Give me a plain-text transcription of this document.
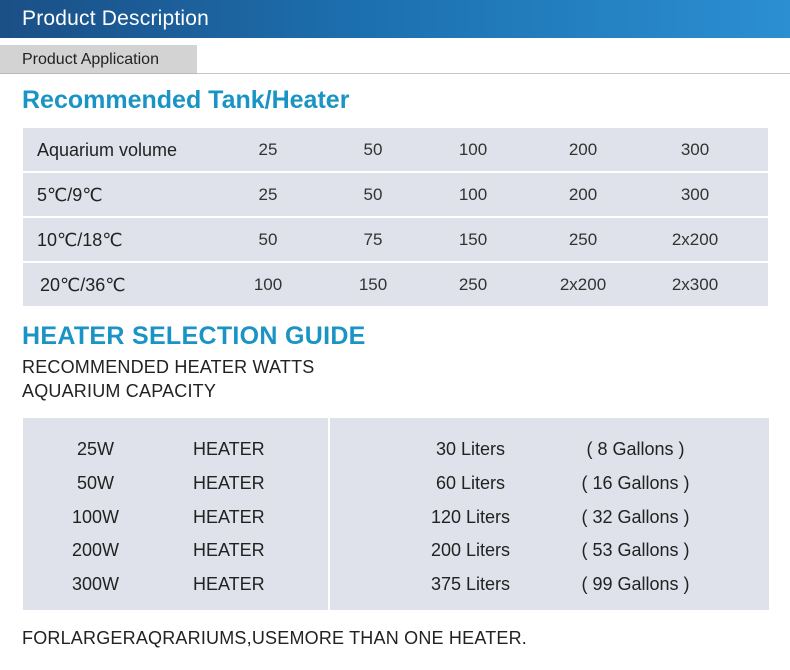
Product Description
Product Application
Recommended Tank/Heater
Aquarium volume	25	50	100	200	300
5℃/9℃	25	50	100	200	300
10℃/18℃	50	75	150	250	2x200
20℃/36℃	100	150	250	2x200	2x300
HEATER SELECTION GUIDE
RECOMMENDED HEATER WATTS
AQUARIUM CAPACITY
25W	HEATER	30 Liters	( 8 Gallons )
50W	HEATER	60 Liters	( 16 Gallons )
100W	HEATER	120 Liters	( 32 Gallons )
200W	HEATER	200 Liters	( 53 Gallons )
300W	HEATER	375 Liters	( 99 Gallons )
FORLARGERAQRARIUMS,USEMORE THAN ONE HEATER.
